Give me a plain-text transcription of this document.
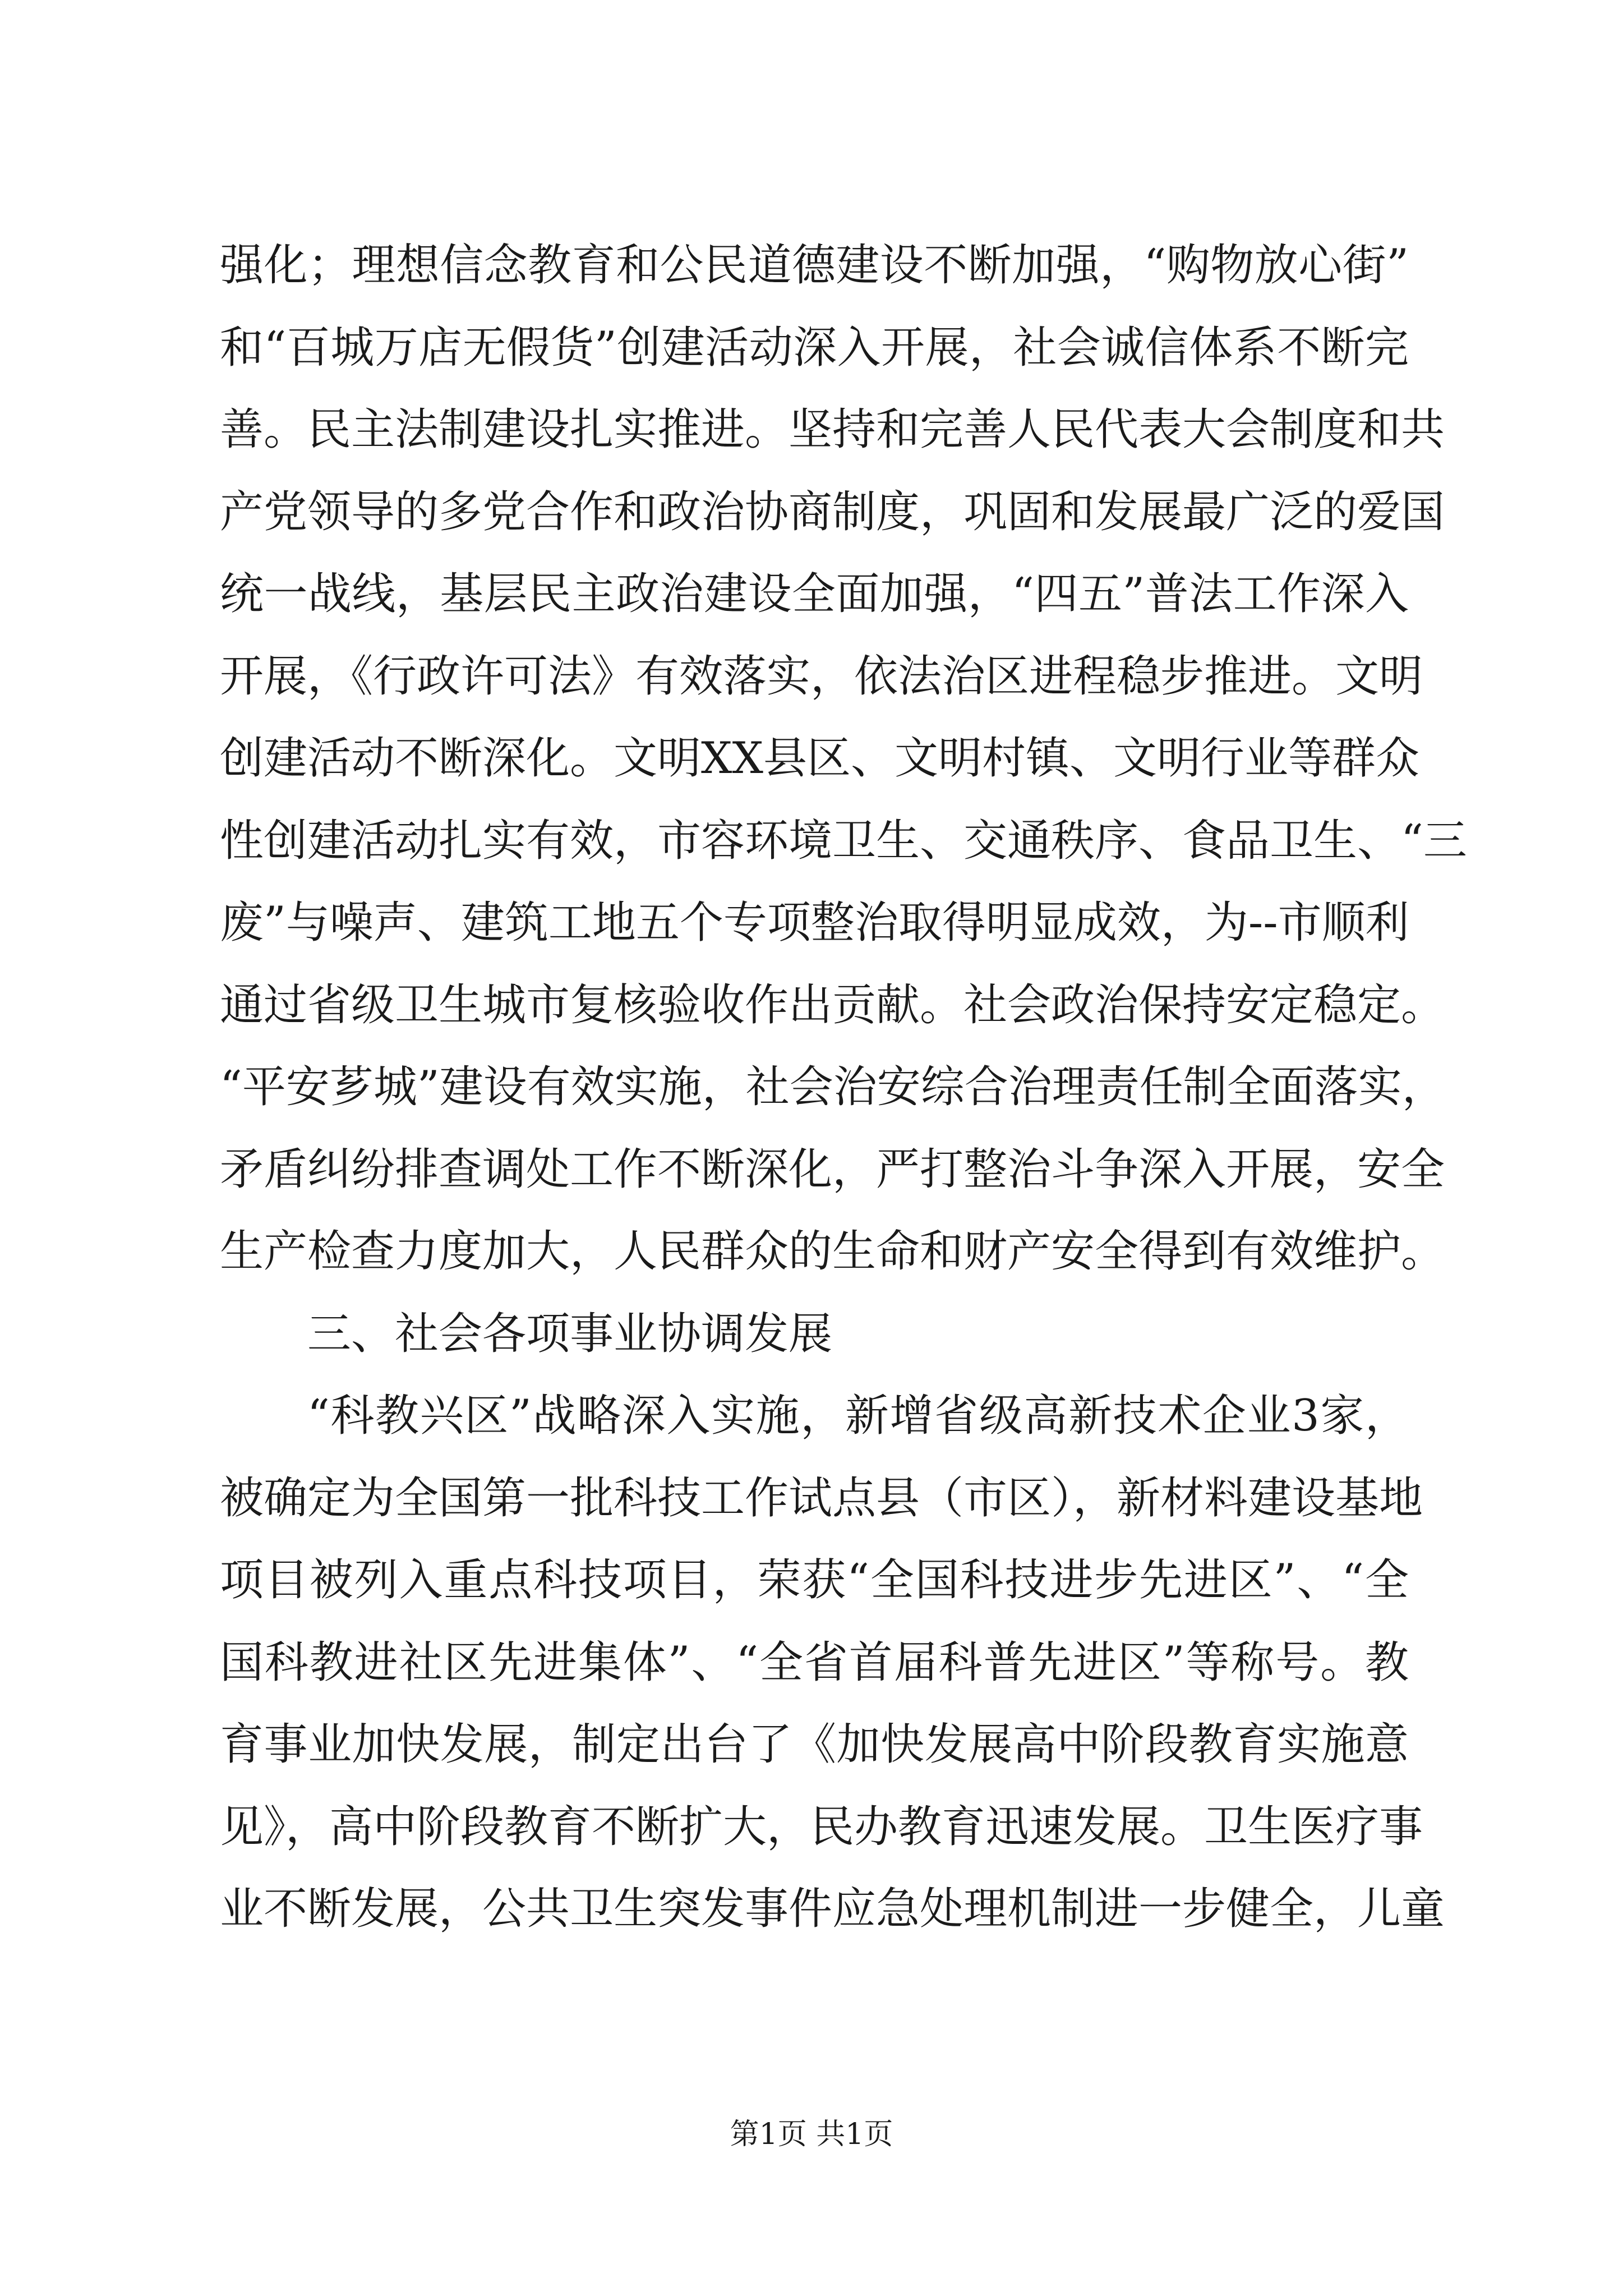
强化；理想信念教育和公民道德建设不断加强，“购物放心街”
和“百城万店无假货”创建活动深入开展，社会诚信体系不断完
善。民主法制建设扎实推进。坚持和完善人民代表大会制度和共
产党领导的多党合作和政治协商制度，巩固和发展最广泛的爱国
统一战线，基层民主政治建设全面加强，“四五”普法工作深入
开展，《行政许可法》有效落实，依法治区进程稳步推进。文明
创建活动不断深化。文明XX县区、文明村镇、文明行业等群众
性创建活动扎实有效，市容环境卫生、交通秩序、食品卫生、“三
废”与噪声、建筑工地五个专项整治取得明显成效，为--市顺利
通过省级卫生城市复核验收作出贡献。社会政治保持安定稳定。
“平安芗城”建设有效实施，社会治安综合治理责任制全面落实，
矛盾纠纷排查调处工作不断深化，严打整治斗争深入开展，安全
生产检查力度加大，人民群众的生命和财产安全得到有效维护。
三、社会各项事业协调发展
“科教兴区”战略深入实施，新增省级高新技术企业3家，
被确定为全国第一批科技工作试点县（市区），新材料建设基地
项目被列入重点科技项目，荣获“全国科技进步先进区”、“全
国科教进社区先进集体”、“全省首届科普先进区”等称号。教
育事业加快发展，制定出台了《加快发展高中阶段教育实施意
见》，高中阶段教育不断扩大，民办教育迅速发展。卫生医疗事
业不断发展，公共卫生突发事件应急处理机制进一步健全，儿童
第1页 共1页
